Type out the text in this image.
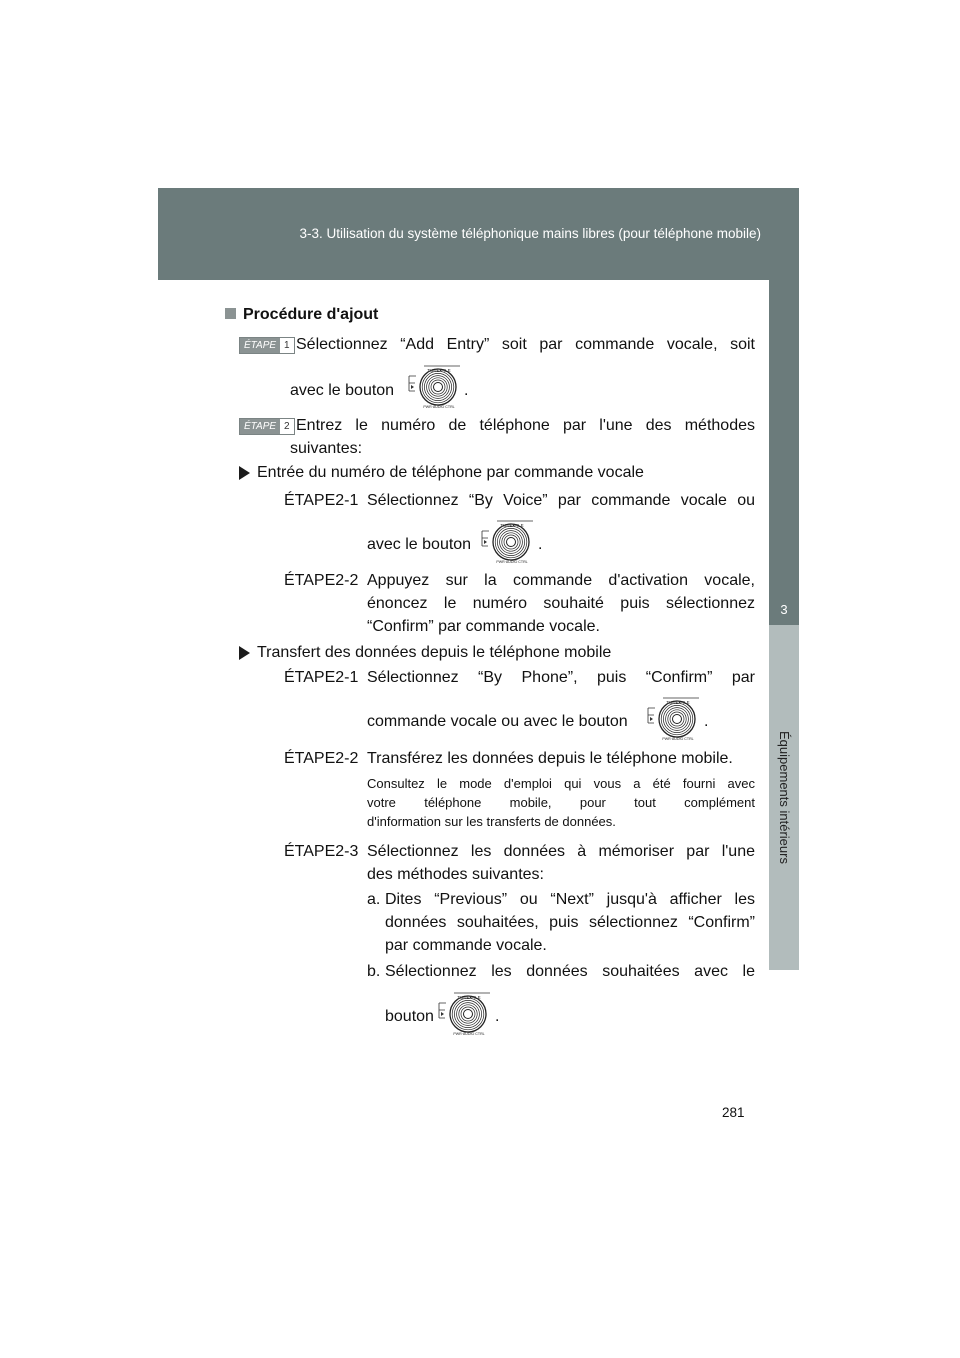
3-3. Utilisation du système téléphonique mains libres (pour téléphone mobile)
3
Équipements intérieurs
Procédure d'ajout
ÉTAPE 1 Sélectionnez “Add Entry” soit par commande vocale, soit
avec le bouton
TUNE•FILE
PWR·AUDIO CTRL
.
ÉTAPE 2 Entrez le numéro de téléphone par l'une des méthodes
suivantes:
Entrée du numéro de téléphone par commande vocale
ÉTAPE2-1 Sélectionnez “By Voice” par commande vocale ou
avec le bouton
TUNE•FILE
PWR·AUDIO CTRL
.
ÉTAPE2-2 Appuyez sur la commande d'activation vocale,
énoncez le numéro souhaité puis sélectionnez
“Confirm” par commande vocale.
Transfert des données depuis le téléphone mobile
ÉTAPE2-1 Sélectionnez “By Phone”, puis “Confirm” par
commande vocale ou avec le bouton
TUNE•FILE
PWR·AUDIO CTRL
.
ÉTAPE2-2 Transférez les données depuis le téléphone mobile.
Consultez le mode d'emploi qui vous a été fourni avec
votre téléphone mobile, pour tout complément
d'information sur les transferts de données.
ÉTAPE2-3 Sélectionnez les données à mémoriser par l'une
des méthodes suivantes:
a. Dites “Previous” ou “Next” jusqu'à afficher les
données souhaitées, puis sélectionnez “Confirm”
par commande vocale.
b. Sélectionnez les données souhaitées avec le
bouton
TUNE•FILE
PWR·AUDIO CTRL
.
281
